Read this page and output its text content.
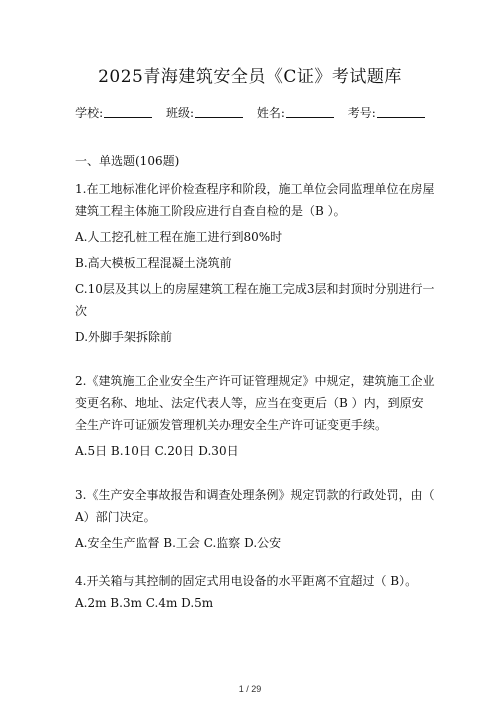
2025青海建筑安全员《C证》考试题库
学校:	班级:	姓名:	考号:

一、单选题(106题)

1.在工地标准化评价检查程序和阶段，施工单位会同监理单位在房屋建筑工程主体施工阶段应进行自查自检的是（B ）。

A.人工挖孔桩工程在施工进行到80%时

B.高大模板工程混凝土浇筑前

C.10层及其以上的房屋建筑工程在施工完成3层和封顶时分别进行一次

D.外脚手架拆除前

2.《建筑施工企业安全生产许可证管理规定》中规定，建筑施工企业变更名称、地址、法定代表人等，应当在变更后（B ）内，到原安全生产许可证颁发管理机关办理安全生产许可证变更手续。

A.5日 B.10日 C.20日 D.30日

3.《生产安全事故报告和调查处理条例》规定罚款的行政处罚，由（ A）部门决定。

A.安全生产监督 B.工会 C.监察 D.公安

4.开关箱与其控制的固定式用电设备的水平距离不宜超过（ B）。

A.2m B.3m C.4m D.5m

1 / 29
